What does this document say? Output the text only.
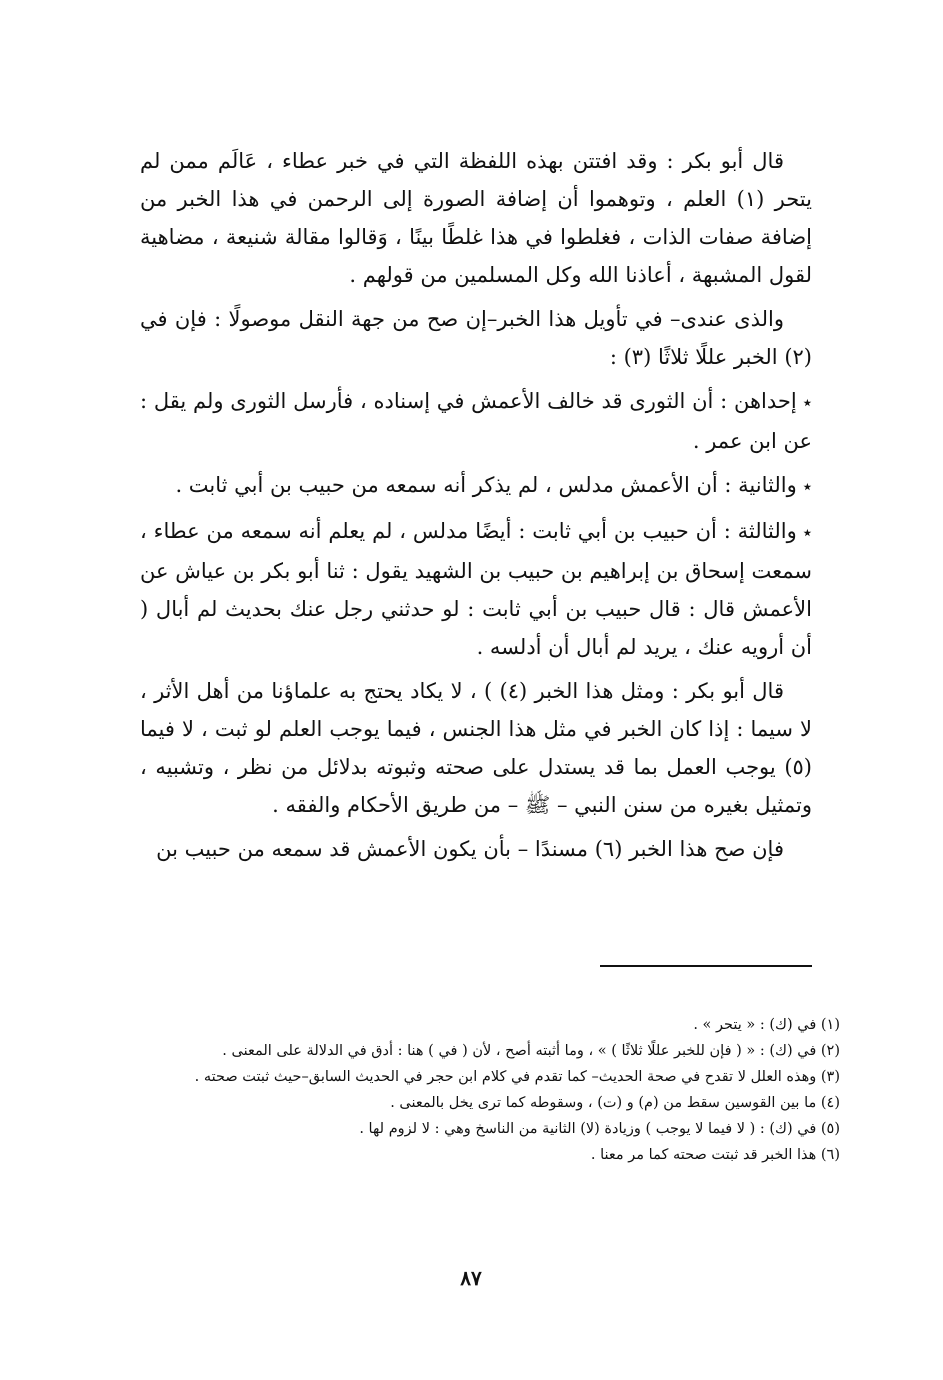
قال أبو بكر : وقد افتتن بهذه اللفظة التي في خبر عطاء ، عَالَم ممن لم يتحر (١) العلم ، وتوهموا أن إضافة الصورة إلى الرحمن في هذا الخبر من إضافة صفات الذات ، فغلطوا في هذا غلطًا بينًا ، وَقالوا مقالة شنيعة ، مضاهية لقول المشبهة ، أعاذنا الله وكل المسلمين من قولهم .

والذى عندى– في تأويل هذا الخبر–إن صح من جهة النقل موصولًا : فإن في (٢) الخبر عللًا ثلاثًا (٣) :

٭إحداهن : أن الثورى قد خالف الأعمش في إسناده ، فأرسل الثورى ولم يقل : عن ابن عمر .

٭والثانية : أن الأعمش مدلس ، لم يذكر أنه سمعه من حبيب بن أبي ثابت .

٭والثالثة : أن حبيب بن أبي ثابت : أيضًا مدلس ، لم يعلم أنه سمعه من عطاء ، سمعت إسحاق بن إبراهيم بن حبيب بن الشهيد يقول : ثنا أبو بكر بن عياش عن الأعمش قال : قال حبيب بن أبي ثابت : لو حدثني رجل عنك بحديث لم أبال ( أن أرويه عنك ، يريد لم أبال أن أدلسه .

قال أبو بكر : ومثل هذا الخبر (٤) ) ، لا يكاد يحتج به علماؤنا من أهل الأثر ، لا سيما : إذا كان الخبر في مثل هذا الجنس ، فيما يوجب العلم لو ثبت ، لا فيما (٥) يوجب العمل بما قد يستدل على صحته وثبوته بدلائل من نظر ، وتشبيه ، وتمثيل بغيره من سنن النبي – ﷺ – من طريق الأحكام والفقه .

فإن صح هذا الخبر (٦) مسندًا – بأن يكون الأعمش قد سمعه من حبيب بن

(١) في (ك) : « يتحر » .
(٢) في (ك) : « ( فإن للخبر عللًا ثلاثًا ) » ، وما أثبته أصح ، لأن ( في ) هنا : أدق في الدلالة على المعنى .
(٣) وهذه العلل لا تقدح في صحة الحديث– كما تقدم في كلام ابن حجر في الحديث السابق–حيث ثبتت صحته .
(٤) ما بين القوسين سقط من (م) و (ت) ، وسقوطه كما ترى يخل بالمعنى .
(٥) في (ك) : ( لا فيما لا يوجب ) وزيادة (لا) الثانية من الناسخ وهي : لا لزوم لها .
(٦) هذا الخبر قد ثبتت صحته كما مر معنا .
٨٧
